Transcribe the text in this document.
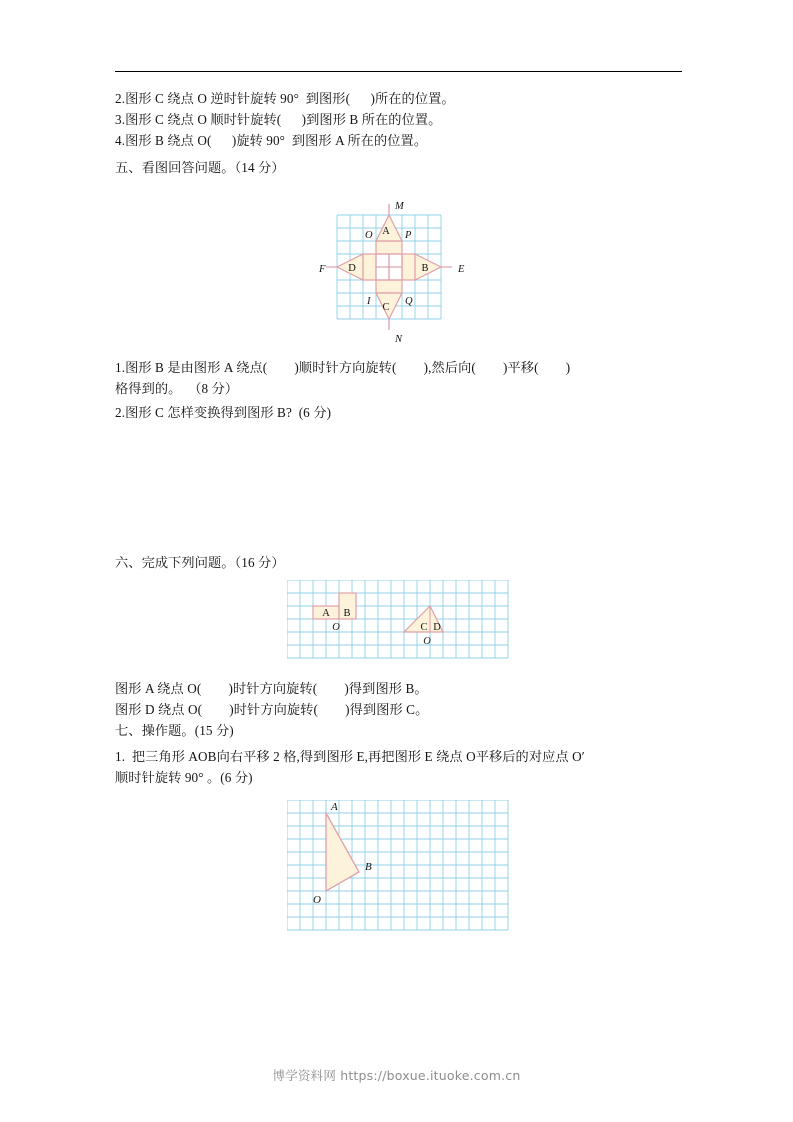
2.图形 C 绕点 O 逆时针旋转 90°  到图形(      )所在的位置。
3.图形 C 绕点 O 顺时针旋转(      )到图形 B 所在的位置。
4.图形 B 绕点 O(      )旋转 90°  到图形 A 所在的位置。
五、看图回答问题。（14 分）
A
B
C
D
M
N
E
F
O	P
Q
I
1.图形 B 是由图形 A 绕点(        )顺时针方向旋转(        ),然后向(        )平移(        )
格得到的。  （8 分）
2.图形 C 怎样变换得到图形 B?  (6 分)
六、完成下列问题。（16 分）
A B
C D
O
O
图形 A 绕点 O(        )时针方向旋转(        )得到图形 B。
图形 D 绕点 O(        )时针方向旋转(        )得到图形 C。
七、操作题。(15 分)
1.  把三角形 AOB向右平移 2 格,得到图形 E,再把图形 E 绕点 O平移后的对应点 O′
顺时针旋转 90° 。(6 分)
A
B
O
博学资料网 https://boxue.ituoke.com.cn
